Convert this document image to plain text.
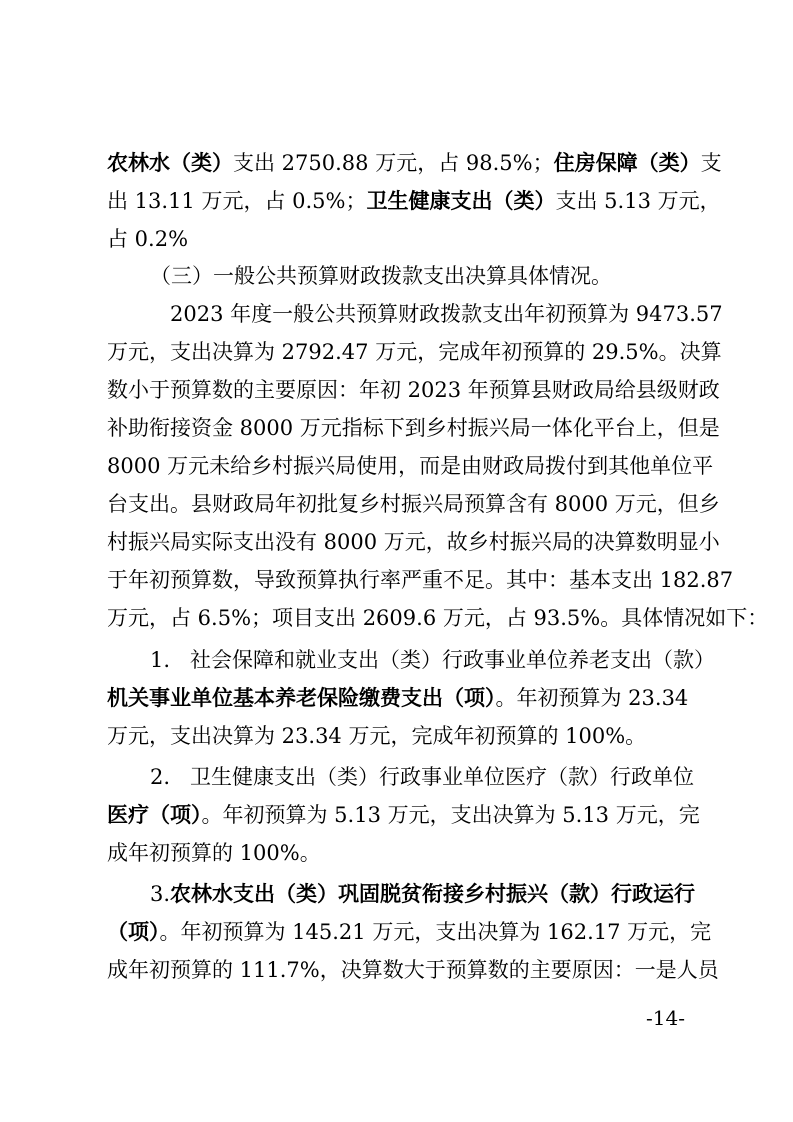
农林水（类）支出 2750.88 万元，占 98.5%；住房保障（类）支
出 13.11 万元，占 0.5%；卫生健康支出（类）支出 5.13 万元，
占 0.2%
（三）一般公共预算财政拨款支出决算具体情况。
2023 年度一般公共预算财政拨款支出年初预算为 9473.57
万元，支出决算为 2792.47 万元，完成年初预算的 29.5%。决算
数小于预算数的主要原因：年初 2023 年预算县财政局给县级财政
补助衔接资金 8000 万元指标下到乡村振兴局一体化平台上，但是
8000 万元未给乡村振兴局使用，而是由财政局拨付到其他单位平
台支出。县财政局年初批复乡村振兴局预算含有 8000 万元，但乡
村振兴局实际支出没有 8000 万元，故乡村振兴局的决算数明显小
于年初预算数，导致预算执行率严重不足。其中：基本支出 182.87
万元，占 6.5%；项目支出 2609.6 万元，占 93.5%。具体情况如下：
1. 社会保障和就业支出（类）行政事业单位养老支出（款）
机关事业单位基本养老保险缴费支出（项）。年初预算为 23.34
万元，支出决算为 23.34 万元，完成年初预算的 100%。
2. 卫生健康支出（类）行政事业单位医疗（款）行政单位
医疗（项）。年初预算为 5.13 万元，支出决算为 5.13 万元，完
成年初预算的 100%。
3.农林水支出（类）巩固脱贫衔接乡村振兴（款）行政运行
（项）。年初预算为 145.21 万元，支出决算为 162.17 万元，完
成年初预算的 111.7%，决算数大于预算数的主要原因：一是人员
-14-
